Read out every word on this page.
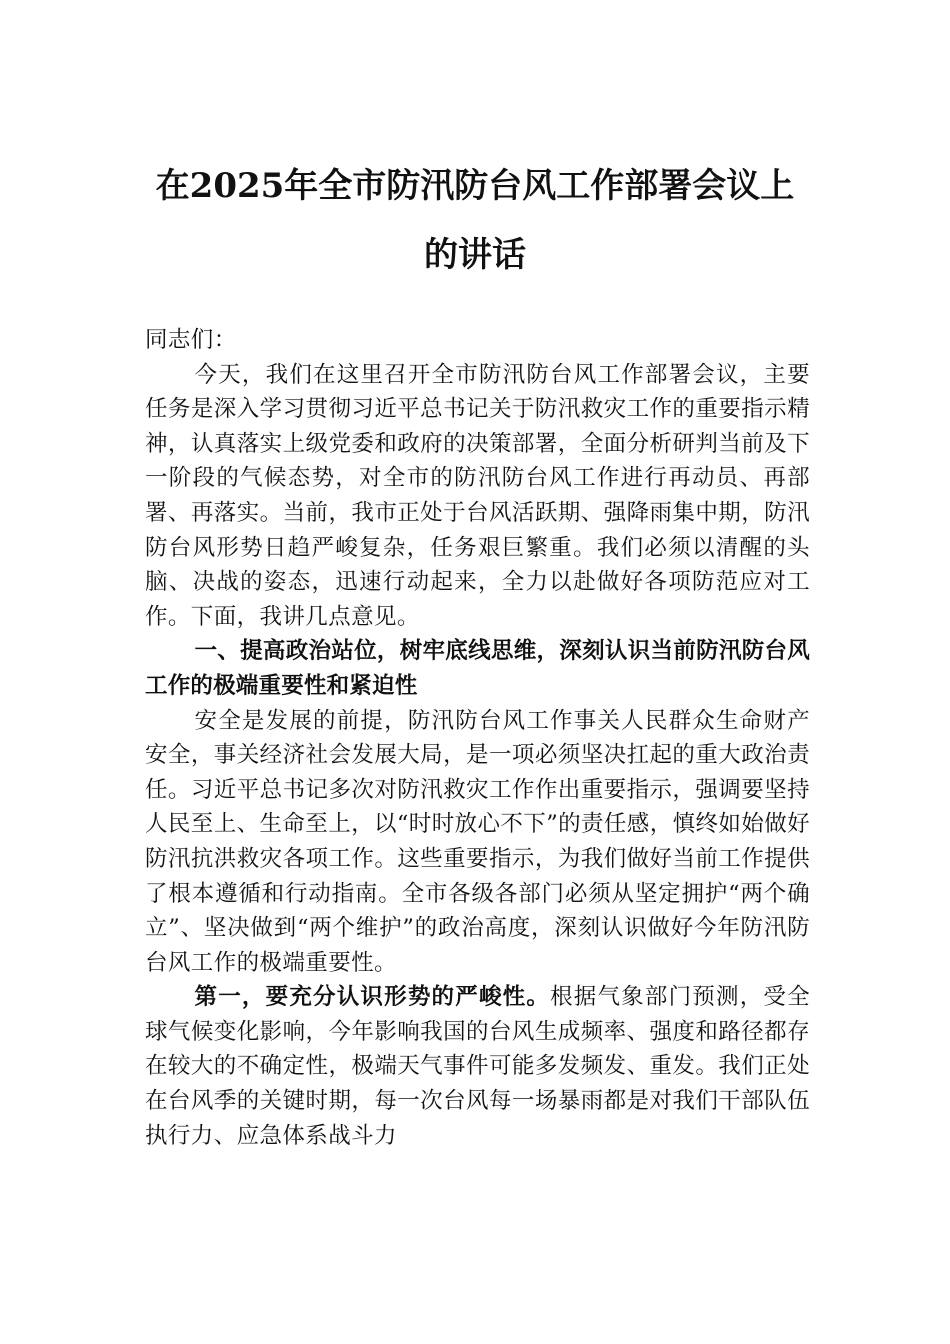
在2025年全市防汛防台风工作部署会议上
的讲话

同志们：

今天，我们在这里召开全市防汛防台风工作部署会议，主要任务是深入学习贯彻习近平总书记关于防汛救灾工作的重要指示精神，认真落实上级党委和政府的决策部署，全面分析研判当前及下一阶段的气候态势，对全市的防汛防台风工作进行再动员、再部署、再落实。当前，我市正处于台风活跃期、强降雨集中期，防汛防台风形势日趋严峻复杂，任务艰巨繁重。我们必须以清醒的头脑、决战的姿态，迅速行动起来，全力以赴做好各项防范应对工作。下面，我讲几点意见。

一、提高政治站位，树牢底线思维，深刻认识当前防汛防台风工作的极端重要性和紧迫性

安全是发展的前提，防汛防台风工作事关人民群众生命财产安全，事关经济社会发展大局，是一项必须坚决扛起的重大政治责任。习近平总书记多次对防汛救灾工作作出重要指示，强调要坚持人民至上、生命至上，以“时时放心不下”的责任感，慎终如始做好防汛抗洪救灾各项工作。这些重要指示，为我们做好当前工作提供了根本遵循和行动指南。全市各级各部门必须从坚定拥护“两个确立”、坚决做到“两个维护”的政治高度，深刻认识做好今年防汛防台风工作的极端重要性。

第一，要充分认识形势的严峻性。根据气象部门预测，受全球气候变化影响，今年影响我国的台风生成频率、强度和路径都存在较大的不确定性，极端天气事件可能多发频发、重发。我们正处在台风季的关键时期，每一次台风每一场暴雨都是对我们干部队伍执行力、应急体系战斗力
